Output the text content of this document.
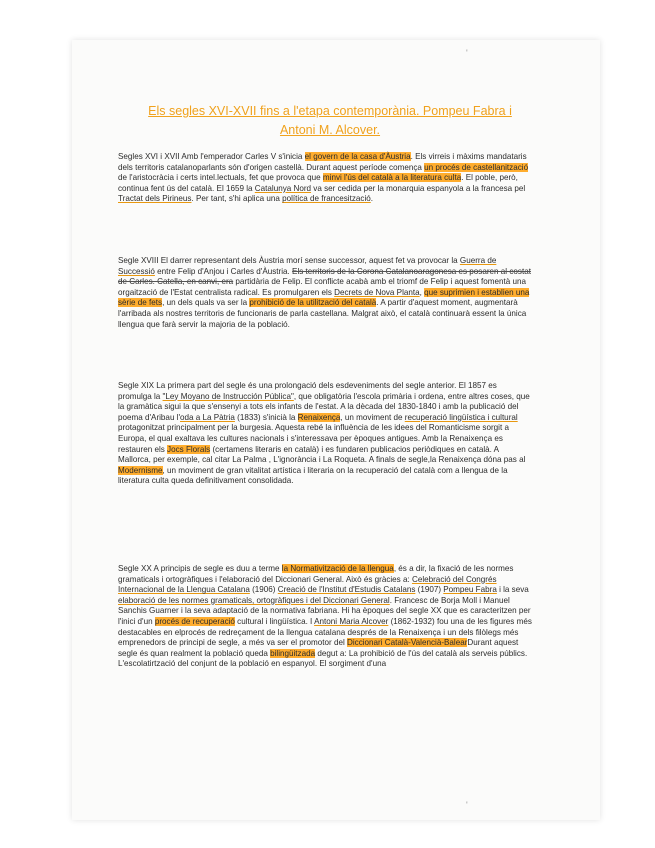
'
'
Els segles XVI-XVII fins a l'etapa contemporània. Pompeu Fabra i
Antoni M. Alcover.
Segles XVI i XVII Amb l'emperador Carles V s'inicia el govern de la casa d'Àustria. Els virreis i màxims mandataris dels territoris catalanoparlants són d'origen castellà. Durant aquest període comença un procés de castellanització de l'aristocràcia i certs intel.lectuals, fet que provoca que minvi l'ús del català a la literatura culta. El poble, però, continua fent ús del català. El 1659 la Catalunya Nord va ser cedida per la monarquia espanyola a la francesa pel Tractat dels Pirineus. Per tant, s'hi aplica una política de francesització.
Segle XVIII El darrer representant dels Àustria morí sense successor, aquest fet va provocar la Guerra de Successió entre Felip d'Anjou i Carles d'Àustria. Els territoris de la Corona Catalanoaragonesa es posaren al costat de Carles. Catella, en canvi, era partidària de Felip. El conflicte acabà amb el triomf de Felip i aquest fomentà una orgaització de l'Estat centralista radical. Es promulgaren els Decrets de Nova Planta, que suprimien i establien una sèrie de fets, un dels quals va ser la prohibició de la utilització del català. A partir d'aquest moment, augmentarà l'arribada als nostres territoris de funcionaris de parla castellana. Malgrat això, el català continuarà essent la única llengua que farà servir la majoria de la població.
Segle XIX La primera part del segle és una prolongació dels esdeveniments del segle anterior. El 1857 es promulga la "Ley Moyano de Instrucción Pública", que obligatòria l'escola primària i ordena, entre altres coses, que la gramàtica sigui la que s'ensenyi a tots els infants de l'estat. A la dècada del 1830-1840 i amb la publicació del poema d'Aribau l'oda a La Pàtria (1833) s'inicià la Renaixença, un moviment de recuperació lingüística i cultural protagonitzat principalment per la burgesia. Aquesta rebé la influència de les idees del Romanticisme sorgit a Europa, el qual exaltava les cultures nacionals i s'interessava per èpoques antigues. Amb la Renaixença es restauren els Jocs Florals (certamens literaris en català) i es fundaren publicacios periòdiques en català. A Mallorca, per exemple, cal citar La Palma , L'ignorància i La Roqueta. A finals de segle,la Renaixença dóna pas al Modernisme, un moviment de gran vitalitat artística i literaria on la recuperació del català com a llengua de la literatura culta queda definitivament consolidada.
Segle XX A principis de segle es duu a terme la Normativització de la llengua, és a dir, la fixació de les normes gramaticals i ortogràfiques i l'elaboració del Diccionari General. Això és gràcies a: Celebració del Congrés Internacional de la Llengua Catalana (1906) Creació de l'Institut d'Estudis Catalans (1907) Pompeu Fabra i la seva elaboració de les normes gramaticals, ortogràfiques i del Diccionari General. Francesc de Borja Moll i Manuel Sanchis Guarner i la seva adaptació de la normativa fabriana. Hi ha èpoques del segle XX que es caracteritzen per l'inici d'un procés de recuperació cultural i lingüística. I Antoni Maria Alcover (1862-1932) fou una de les figures més destacables en elprocés de redreçament de la llengua catalana després de la Renaixença i un dels filòlegs més emprenedors de principi de segle, a més va ser el promotor del Diccionari Català-Valencià-BalearDurant aquest segle és quan realment la població queda bilingüitzada degut a: La prohibició de l'ús del català als serveis públics. L'escolatirtzació del conjunt de la població en espanyol. El sorgiment d'una
